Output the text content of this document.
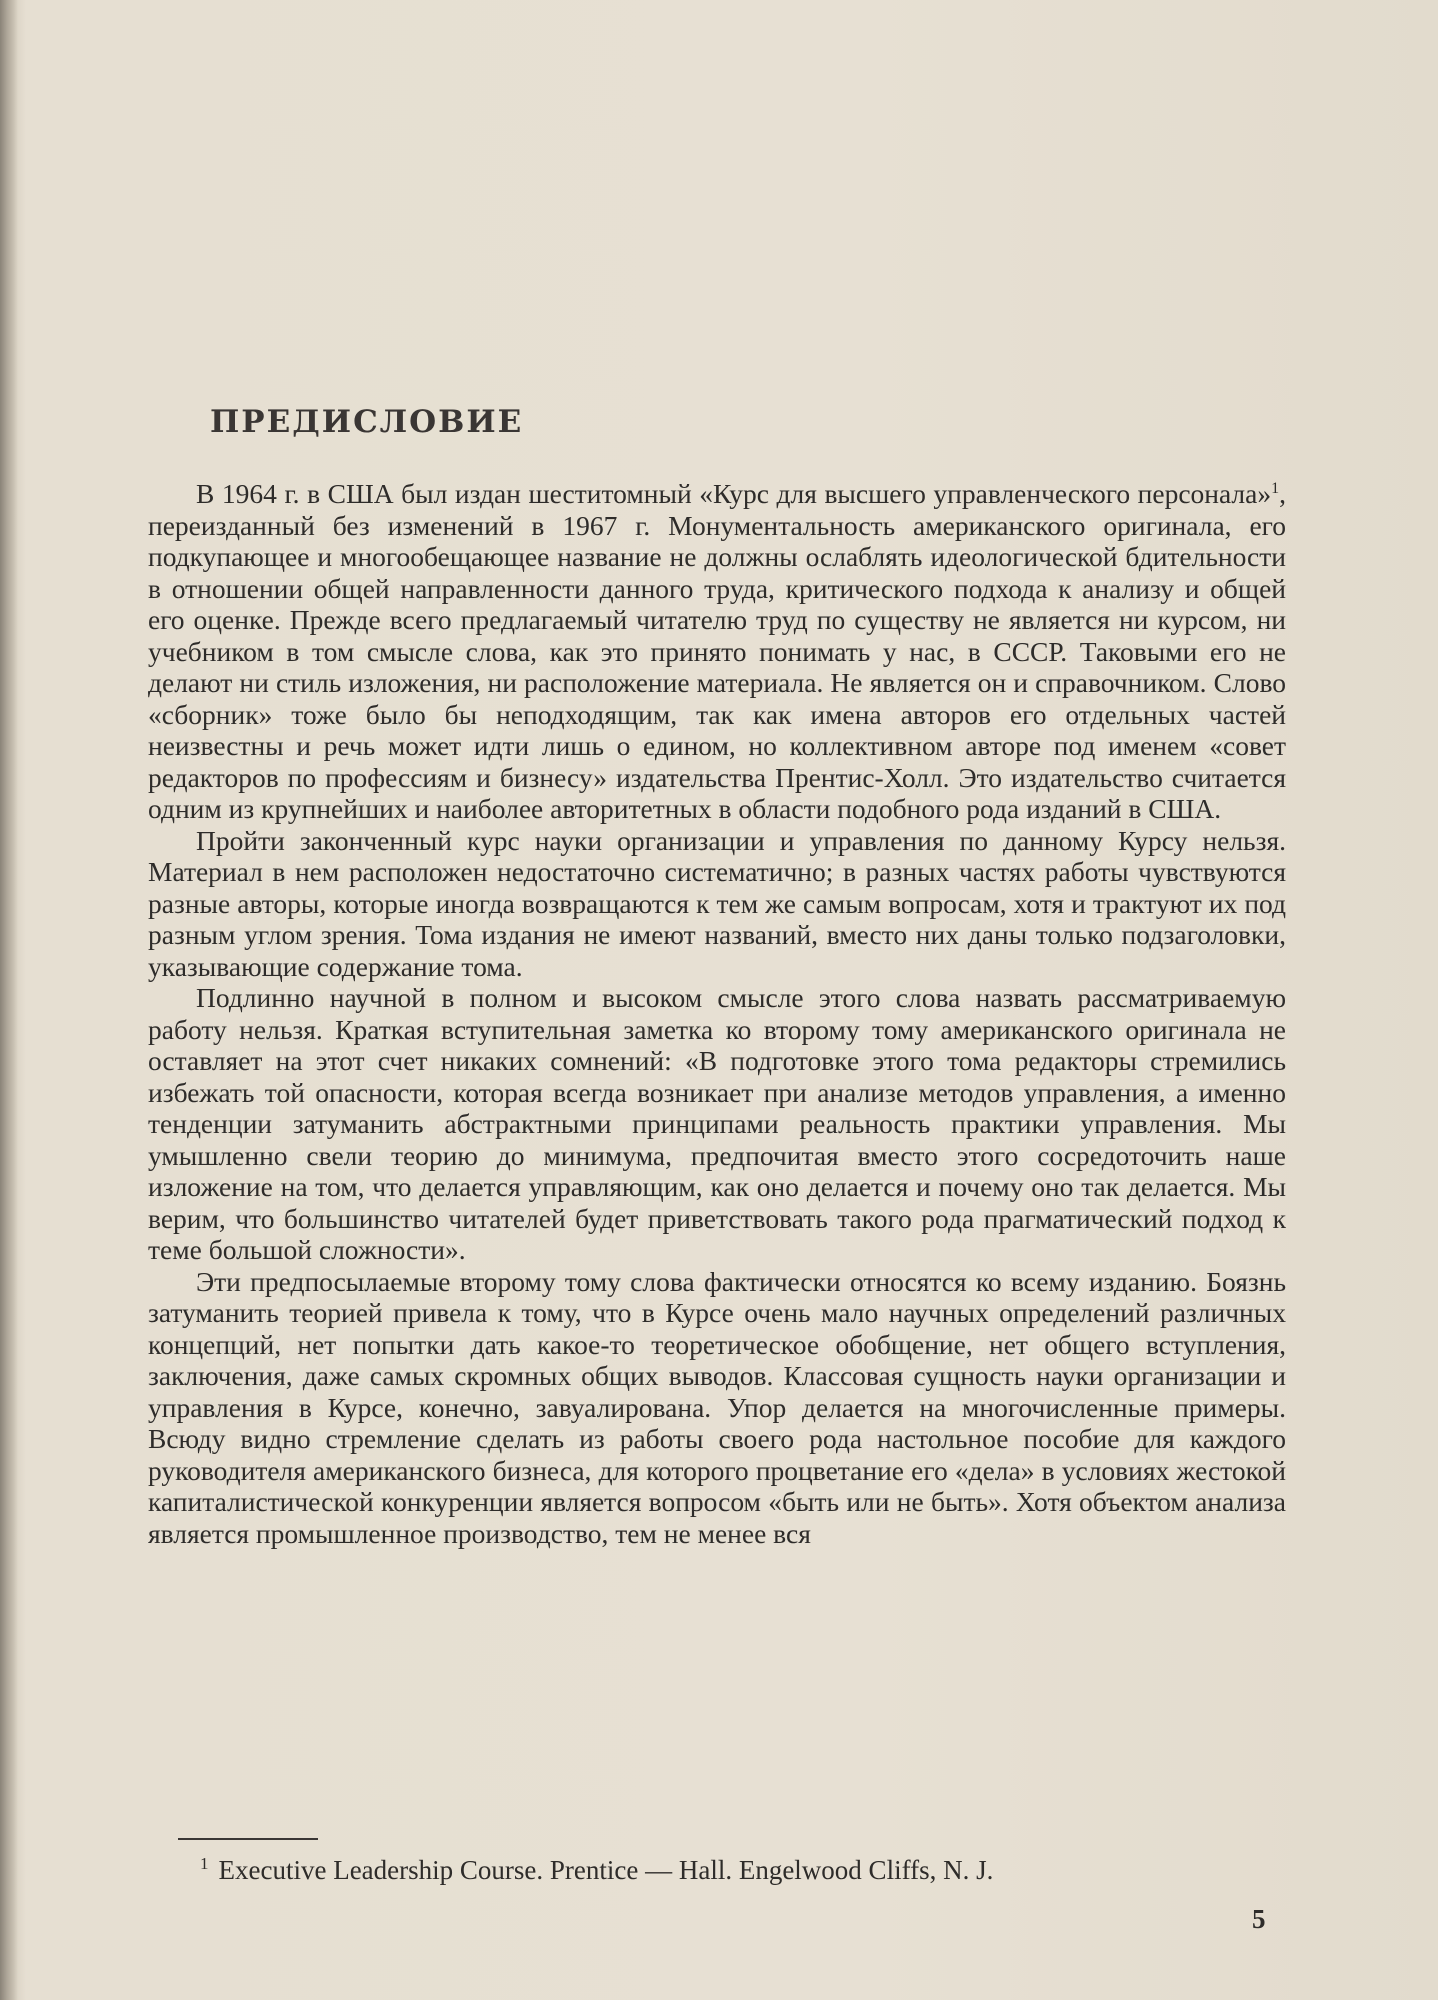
ПРЕДИСЛОВИЕ

В 1964 г. в США был издан шеститомный «Курс для высшего управленческого персонала»$^1$, переизданный без изменений в 1967 г. Монументальность американского оригинала, его подкупающее и многообещающее название не должны ослаблять идеологической бдительности в отношении общей направленности данного труда, критического подхода к анализу и общей его оценке. Прежде всего предлагаемый читателю труд по существу не является ни курсом, ни учебником в том смысле слова, как это принято понимать у нас, в СССР. Таковыми его не делают ни стиль изложения, ни расположение материала. Не является он и справочником. Слово «сборник» тоже было бы неподходящим, так как имена авторов его отдельных частей неизвестны и речь может идти лишь о едином, но коллективном авторе под именем «совет редакторов по профессиям и бизнесу» издательства Прентис-Холл. Это издательство считается одним из крупнейших и наиболее авторитетных в области подобного рода изданий в США.

Пройти законченный курс науки организации и управления по данному Курсу нельзя. Материал в нем расположен недостаточно систематично; в разных частях работы чувствуются разные авторы, которые иногда возвращаются к тем же самым вопросам, хотя и трактуют их под разным углом зрения. Тома издания не имеют названий, вместо них даны только подзаголовки, указывающие содержание тома.

Подлинно научной в полном и высоком смысле этого слова назвать рассматриваемую работу нельзя. Краткая вступительная заметка ко второму тому американского оригинала не оставляет на этот счет никаких сомнений: «В подготовке этого тома редакторы стремились избежать той опасности, которая всегда возникает при анализе методов управления, а именно тенденции затуманить абстрактными принципами реальность практики управления. Мы умышленно свели теорию до минимума, предпочитая вместо этого сосредоточить наше изложение на том, что делается управляющим, как оно делается и почему оно так делается. Мы верим, что большинство читателей будет приветствовать такого рода прагматический подход к теме большой сложности».

Эти предпосылаемые второму тому слова фактически относятся ко всему изданию. Боязнь затуманить теорией привела к тому, что в Курсе очень мало научных определений различных концепций, нет попытки дать какое-то теоретическое обобщение, нет общего вступления, заключения, даже самых скромных общих выводов. Классовая сущность науки организации и управления в Курсе, конечно, завуалирована. Упор делается на многочисленные примеры. Всюду видно стремление сделать из работы своего рода настольное пособие для каждого руководителя американского бизнеса, для которого процветание его «дела» в условиях жестокой капиталистической конкуренции является вопросом «быть или не быть». Хотя объектом анализа является промышленное производство, тем не менее вся

$^1$ Executive Leadership Course. Prentice — Hall. Engelwood Cliffs, N. J.
5
